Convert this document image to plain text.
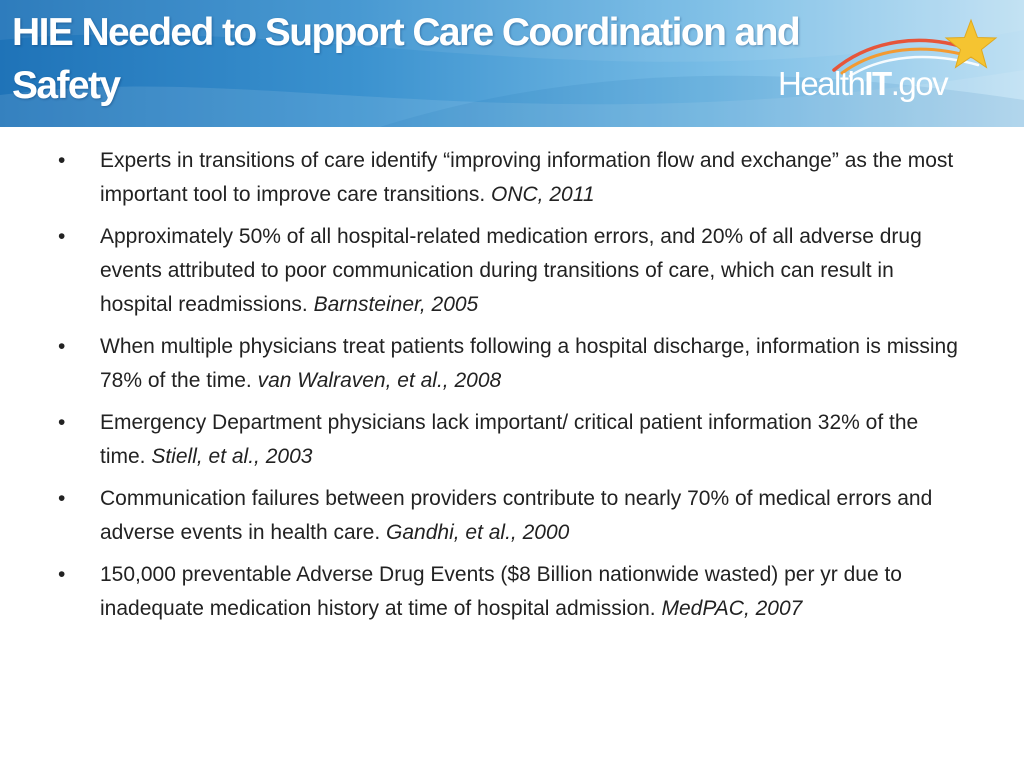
HIE Needed to Support Care Coordination and Safety	HealthIT.gov
•	Experts in transitions of care identify “improving information flow and exchange” as the most important tool to improve care transitions. ONC, 2011
•	Approximately 50% of all hospital-related medication errors, and 20% of all adverse drug events attributed to poor communication during transitions of care, which can result in hospital readmissions. Barnsteiner, 2005
•	When multiple physicians treat patients following a hospital discharge, information is missing 78% of the time. van Walraven, et al., 2008
•	Emergency Department physicians lack important/ critical patient information 32% of the time. Stiell, et al., 2003
•	Communication failures between providers contribute to nearly 70% of medical errors and adverse events in health care. Gandhi, et al., 2000
•	150,000 preventable Adverse Drug Events ($8 Billion nationwide wasted) per yr due to inadequate medication history at time of hospital admission. MedPAC, 2007
